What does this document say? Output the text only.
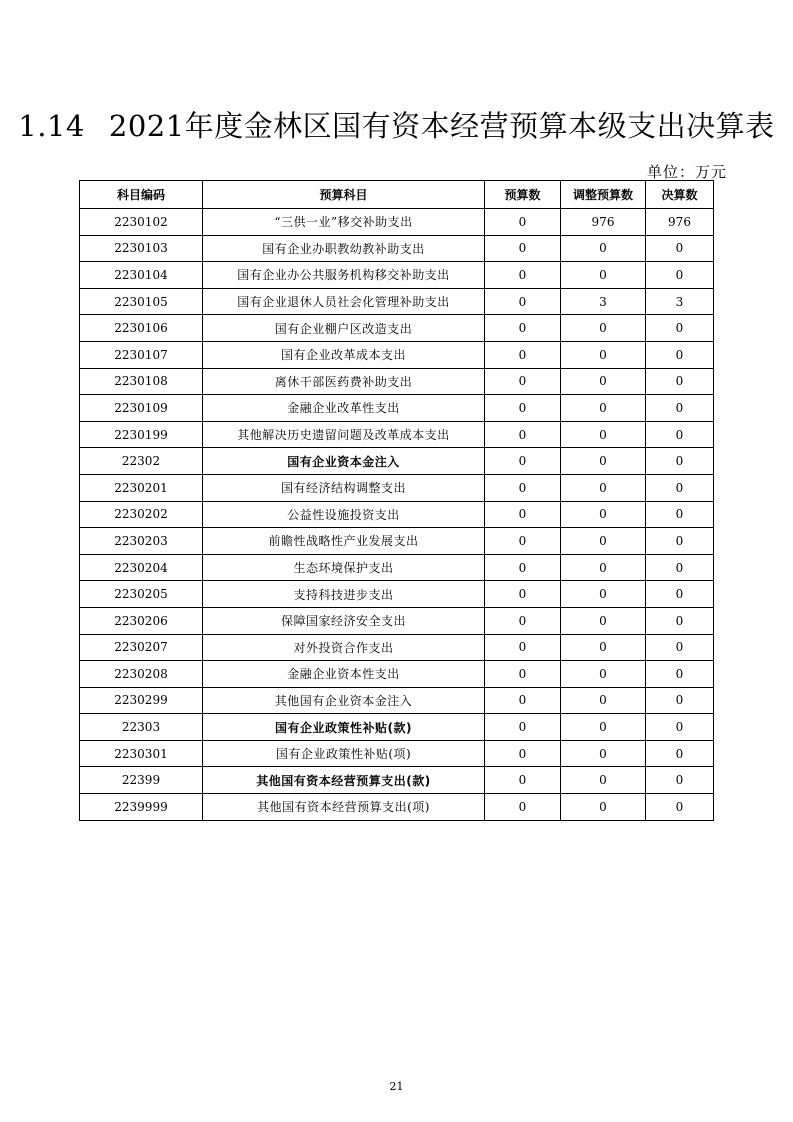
1.14 2021年度金林区国有资本经营预算本级支出决算表
单位：万元
科目编码	预算科目	预算数	调整预算数	决算数
2230102	“三供一业”移交补助支出	0	976	976
2230103	国有企业办职教幼教补助支出	0	0	0
2230104	国有企业办公共服务机构移交补助支出	0	0	0
2230105	国有企业退休人员社会化管理补助支出	0	3	3
2230106	国有企业棚户区改造支出	0	0	0
2230107	国有企业改革成本支出	0	0	0
2230108	离休干部医药费补助支出	0	0	0
2230109	金融企业改革性支出	0	0	0
2230199	其他解决历史遗留问题及改革成本支出	0	0	0
22302	国有企业资本金注入	0	0	0
2230201	国有经济结构调整支出	0	0	0
2230202	公益性设施投资支出	0	0	0
2230203	前瞻性战略性产业发展支出	0	0	0
2230204	生态环境保护支出	0	0	0
2230205	支持科技进步支出	0	0	0
2230206	保障国家经济安全支出	0	0	0
2230207	对外投资合作支出	0	0	0
2230208	金融企业资本性支出	0	0	0
2230299	其他国有企业资本金注入	0	0	0
22303	国有企业政策性补贴(款)	0	0	0
2230301	国有企业政策性补贴(项)	0	0	0
22399	其他国有资本经营预算支出(款)	0	0	0
2239999	其他国有资本经营预算支出(项)	0	0	0
21
